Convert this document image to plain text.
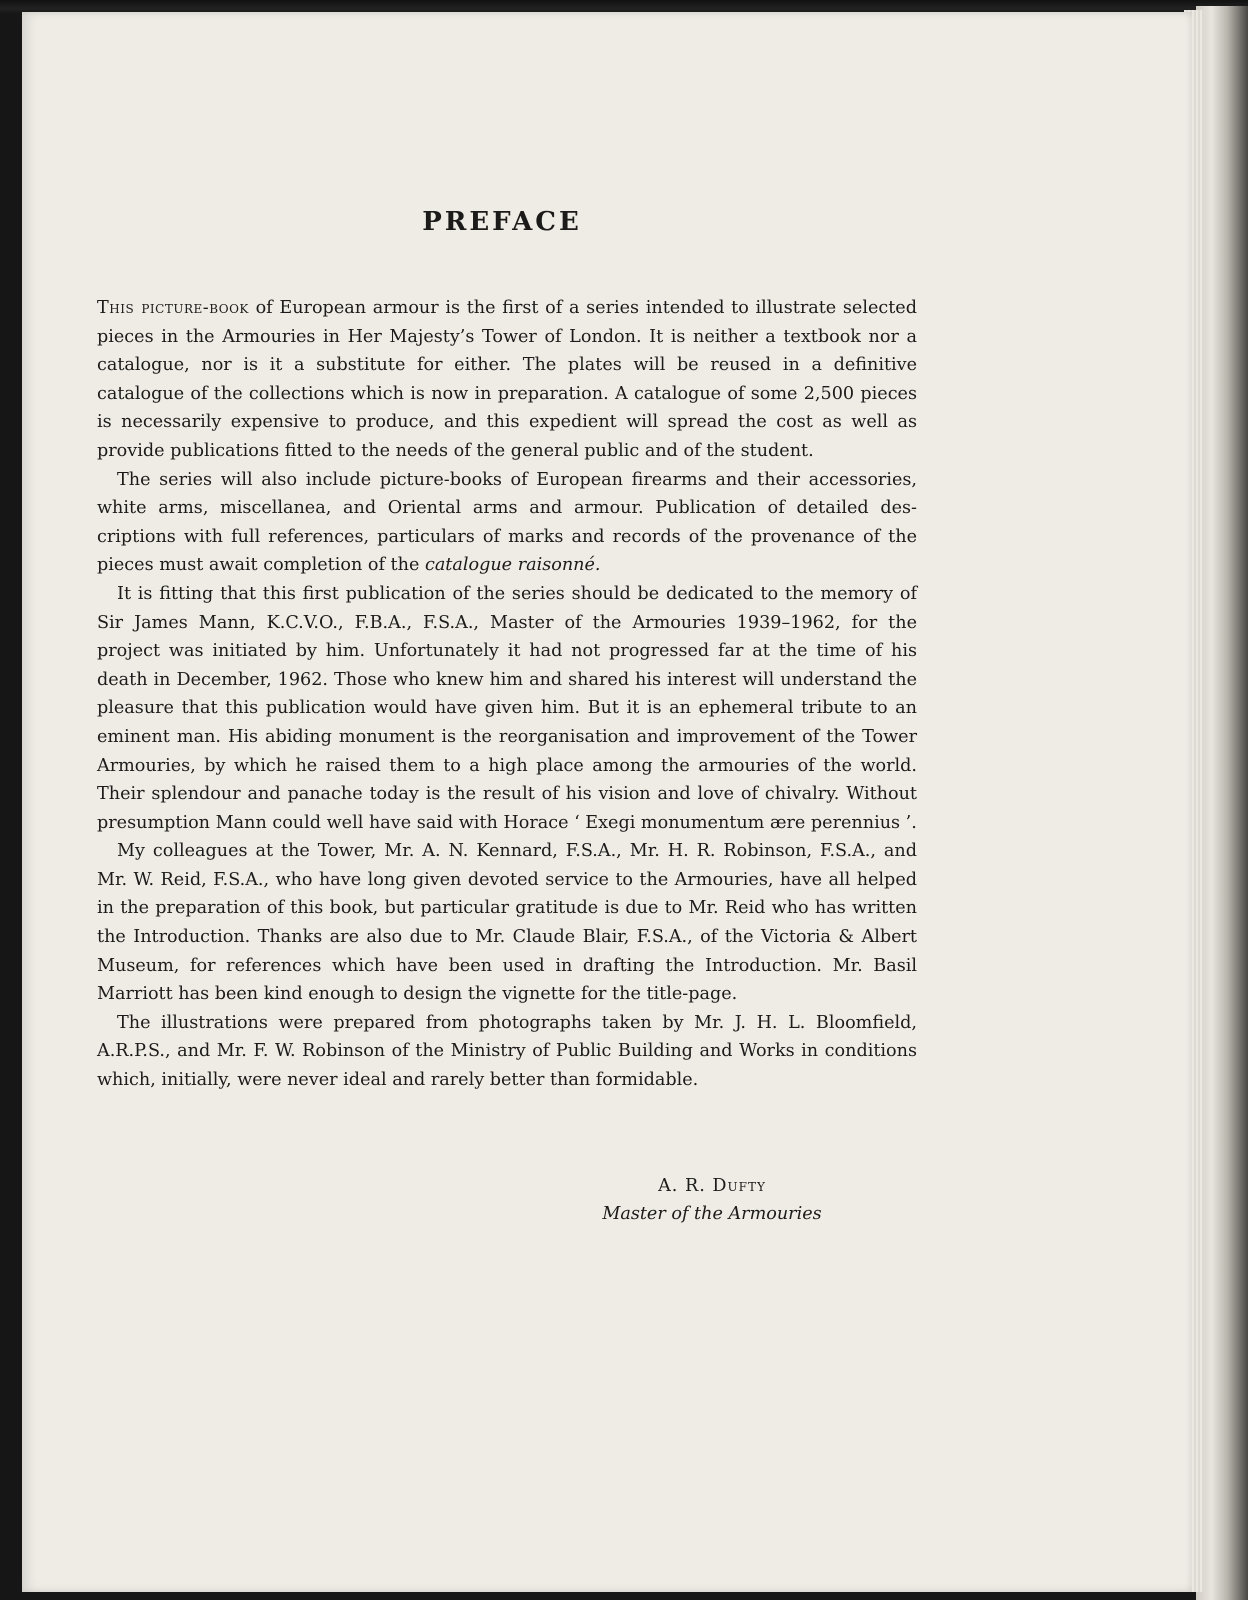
PREFACE

This picture-book of European armour is the first of a series intended to illustrate selected pieces in the Armouries in Her Majesty’s Tower of London. It is neither a textbook nor a catalogue, nor is it a substitute for either. The plates will be reused in a definitive catalogue of the collections which is now in preparation. A catalogue of some 2,500 pieces is necessarily expensive to produce, and this expedient will spread the cost as well as provide publications fitted to the needs of the general public and of the student.

The series will also include picture-books of European firearms and their accessories, white arms, miscellanea, and Oriental arms and armour. Publication of detailed descriptions with full references, particulars of marks and records of the provenance of the pieces must await completion of the catalogue raisonné.

It is fitting that this first publication of the series should be dedicated to the memory of Sir James Mann, K.C.V.O., F.B.A., F.S.A., Master of the Armouries 1939–1962, for the project was initiated by him. Unfortunately it had not progressed far at the time of his death in December, 1962. Those who knew him and shared his interest will understand the pleasure that this publication would have given him. But it is an ephemeral tribute to an eminent man. His abiding monument is the reorganisation and improvement of the Tower Armouries, by which he raised them to a high place among the armouries of the world. Their splendour and panache today is the result of his vision and love of chivalry. Without presumption Mann could well have said with Horace ‘ Exegi monumentum ære perennius ’.

My colleagues at the Tower, Mr. A. N. Kennard, F.S.A., Mr. H. R. Robinson, F.S.A., and Mr. W. Reid, F.S.A., who have long given devoted service to the Armouries, have all helped in the preparation of this book, but particular gratitude is due to Mr. Reid who has written the Introduction. Thanks are also due to Mr. Claude Blair, F.S.A., of the Victoria & Albert Museum, for references which have been used in drafting the Introduction. Mr. Basil Marriott has been kind enough to design the vignette for the title-page.

The illustrations were prepared from photographs taken by Mr. J. H. L. Bloomfield, A.R.P.S., and Mr. F. W. Robinson of the Ministry of Public Building and Works in conditions which, initially, were never ideal and rarely better than formidable.

A. R. Dufty
Master of the Armouries
